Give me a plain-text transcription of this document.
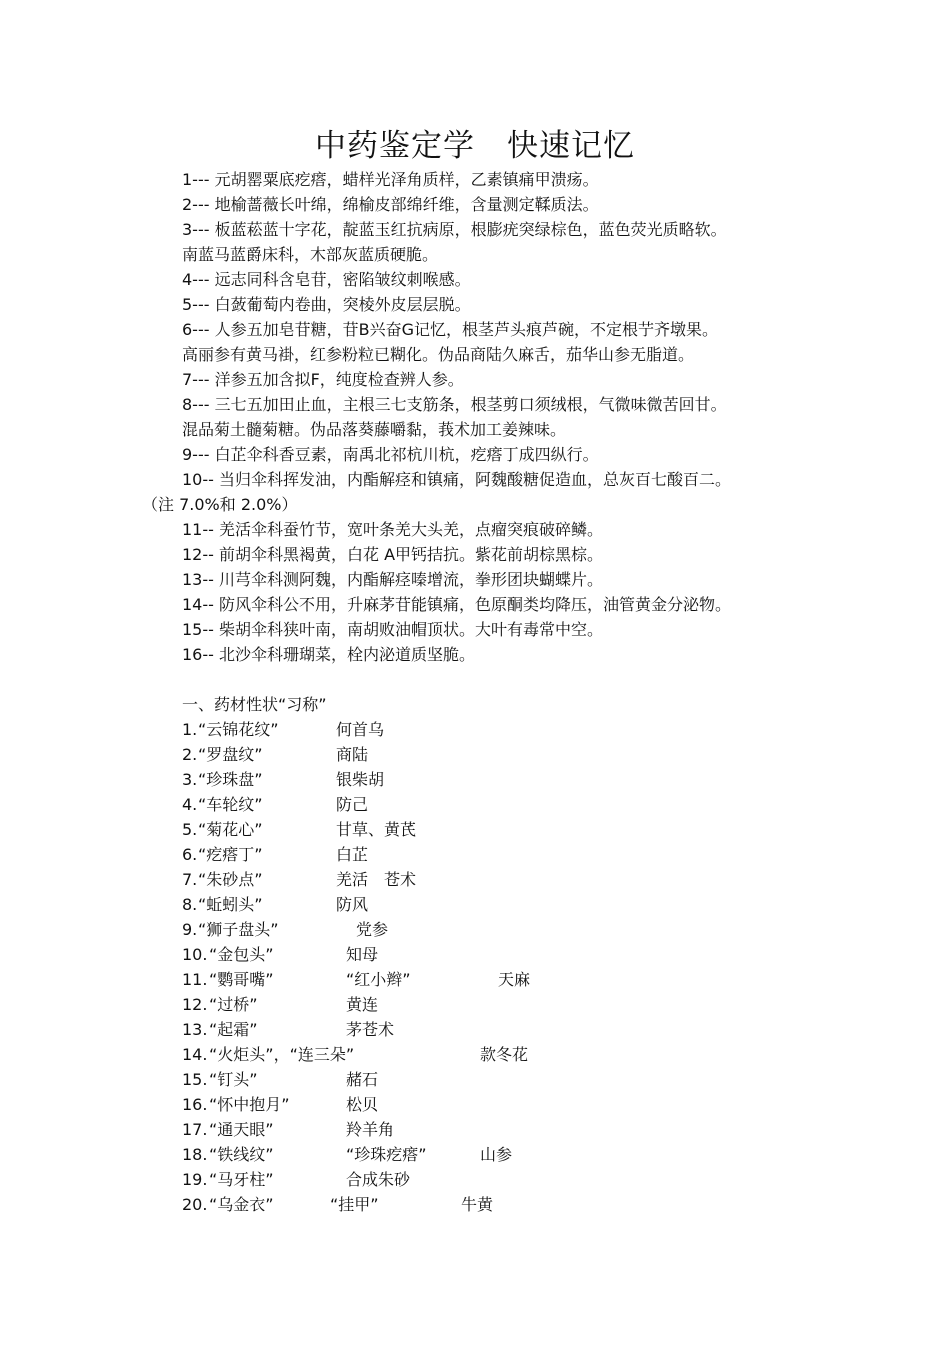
中药鉴定学　快速记忆
1--- 元胡罂粟底疙瘩，蜡样光泽角质样，乙素镇痛甲溃疡。
2--- 地榆蔷薇长叶绵，绵榆皮部绵纤维，含量测定鞣质法。
3--- 板蓝菘蓝十字花，靛蓝玉红抗病原，根膨疣突绿棕色，蓝色荧光质略软。
南蓝马蓝爵床科，木部灰蓝质硬脆。
4--- 远志同科含皂苷，密陷皱纹刺喉感。
5--- 白蔹葡萄内卷曲，突棱外皮层层脱。
6--- 人参五加皂苷糖，苷B兴奋G记忆，根茎芦头痕芦碗，不定根艼齐墩果。
高丽参有黄马褂，红参粉粒已糊化。伪品商陆久麻舌，茄华山参无脂道。
7--- 洋参五加含拟F，纯度检查辨人参。
8--- 三七五加田止血，主根三七支筋条，根茎剪口须绒根，气微味微苦回甘。
混品菊土髓菊糖。伪品落葵藤嚼黏，莪术加工姜辣味。
9--- 白芷伞科香豆素，南禹北祁杭川杭，疙瘩丁成四纵行。
10-- 当归伞科挥发油，内酯解痉和镇痛，阿魏酸糖促造血，总灰百七酸百二。
（注 7.0%和 2.0%）
11-- 羌活伞科蚕竹节，宽叶条羌大头羌，点瘤突痕破碎鳞。
12-- 前胡伞科黑褐黄，白花 A甲钙拮抗。紫花前胡棕黑棕。
13-- 川芎伞科测阿魏，内酯解痉嗪增流，拳形团块蝴蝶片。
14-- 防风伞科公不用，升麻茅苷能镇痛，色原酮类均降压，油管黄金分泌物。
15-- 柴胡伞科狭叶南，南胡败油帽顶状。大叶有毒常中空。
16-- 北沙伞科珊瑚菜，栓内泌道质坚脆。
一、药材性状“习称”
1. “云锦花纹”	何首乌
2. “罗盘纹”	商陆
3. “珍珠盘”	银柴胡
4. “车轮纹”	防己
5. “菊花心”	甘草、黄芪
6. “疙瘩丁”	白芷
7. “朱砂点”	羌活　苍术
8. “蚯蚓头”	防风
9. “狮子盘头”	党参
10. “金包头”	知母
11. “鹦哥嘴”	“红小辫”	天麻
12. “过桥”	黄连
13. “起霜”	茅苍术
14. “火炬头”，“连三朵”	款冬花
15. “钉头”	赭石
16. “怀中抱月”	松贝
17. “通天眼”	羚羊角
18. “铁线纹”	“珍珠疙瘩”	山参
19. “马牙柱”	合成朱砂
20. “乌金衣”	“挂甲”	牛黄
